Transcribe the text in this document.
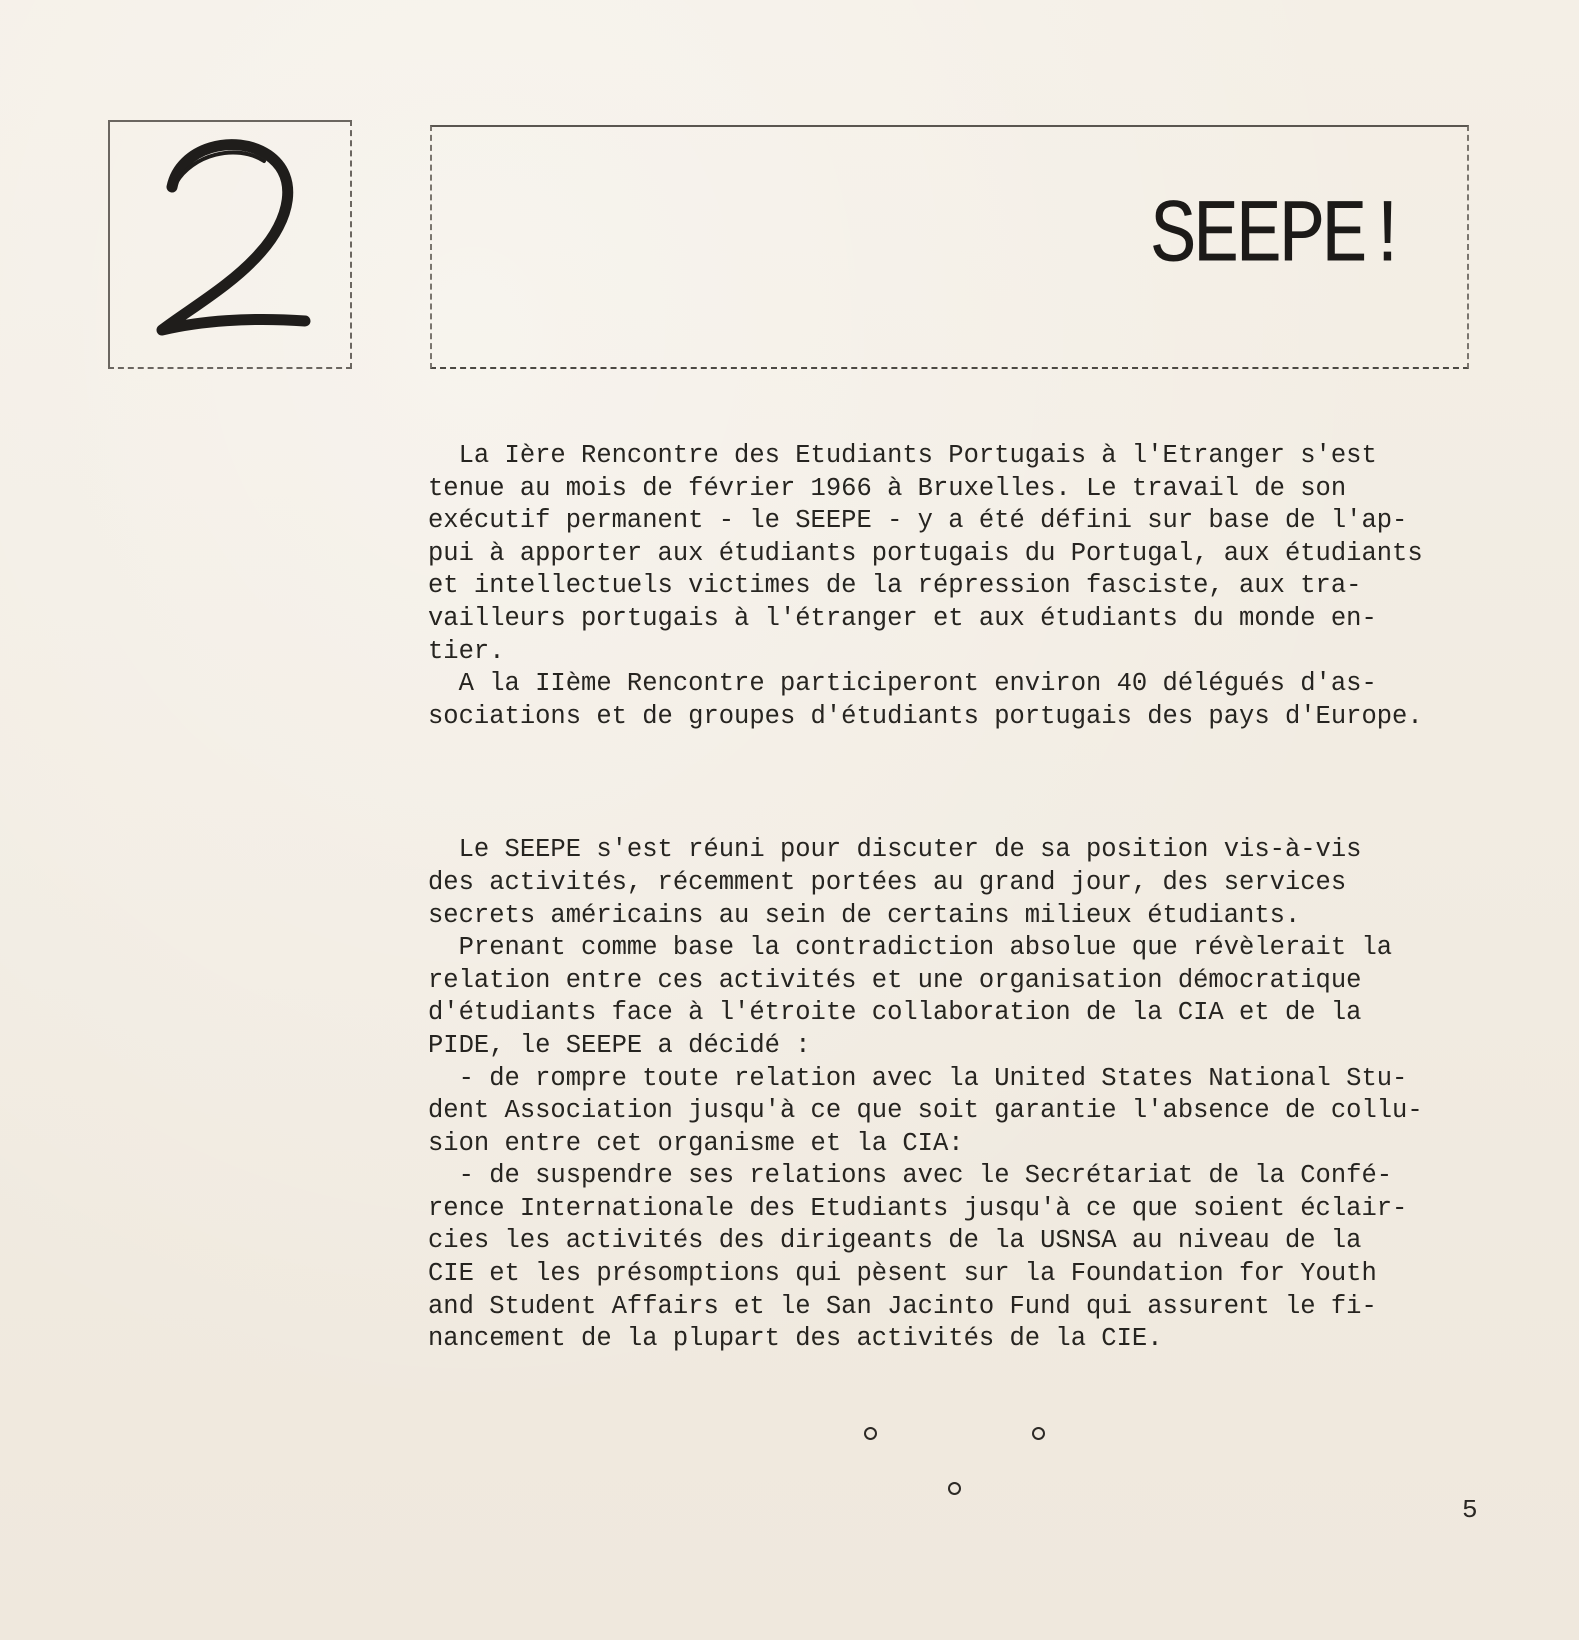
SEEPE!

La Ière Rencontre des Etudiants Portugais à l'Etranger s'est

tenue au mois de février 1966 à Bruxelles. Le travail de son

exécutif permanent - le SEEPE - y a été défini sur base de l'ap-

pui à apporter aux étudiants portugais du Portugal, aux étudiants

et intellectuels victimes de la répression fasciste, aux tra-

vailleurs portugais à l'étranger et aux étudiants du monde en-

tier.

A la IIème Rencontre participeront environ 40 délégués d'as-

sociations et de groupes d'étudiants portugais des pays d'Europe.

Le SEEPE s'est réuni pour discuter de sa position vis-à-vis

des activités, récemment portées au grand jour, des services

secrets américains au sein de certains milieux étudiants.

Prenant comme base la contradiction absolue que révèlerait la

relation entre ces activités et une organisation démocratique

d'étudiants face à l'étroite collaboration de la CIA et de la

PIDE, le SEEPE a décidé :

- de rompre toute relation avec la United States National Stu-

dent Association jusqu'à ce que soit garantie l'absence de collu-

sion entre cet organisme et la CIA:

- de suspendre ses relations avec le Secrétariat de la Confé-

rence Internationale des Etudiants jusqu'à ce que soient éclair-

cies les activités des dirigeants de la USNSA au niveau de la

CIE et les présomptions qui pèsent sur la Foundation for Youth

and Student Affairs et le San Jacinto Fund qui assurent le fi-

nancement de la plupart des activités de la CIE.

5
